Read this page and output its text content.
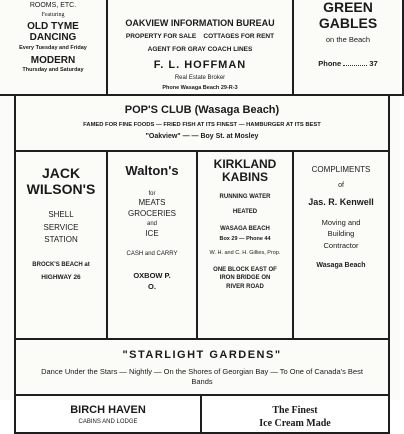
ROOMS, ETC.
Featuring
OLD TYME DANCING
Every Tuesday and Friday
MODERN
Thursday and Saturday
OAKVIEW INFORMATION BUREAU
PROPERTY FOR SALE    COTTAGES FOR RENT
AGENT FOR GRAY COACH LINES
F. L. HOFFMAN
Real Estate Broker
Phone Wasaga Beach 29-R-3
GREEN GABLES
on the Beach
Phone	37
POP'S CLUB (Wasaga Beach)
FAMED FOR FINE FOODS — FRIED FISH AT ITS FINEST — HAMBURGER AT ITS BEST
"Oakview" — — Boy St. at Mosley
JACK WILSON'S
SHELL SERVICE STATION
BROCK'S BEACH at
HIGHWAY 26
Walton's
for
MEATS
GROCERIES
and
ICE
CASH and CARRY
OXBOW P. O.
KIRKLAND KABINS
RUNNING WATER
HEATED
WASAGA BEACH
Box 29 — Phone 44
W. H. and C. H. Gillies, Prop.
ONE BLOCK EAST OF IRON BRIDGE ON RIVER ROAD
COMPLIMENTS
of
Jas. R. Kenwell
Moving and Building Contractor
Wasaga Beach
"STARLIGHT GARDENS"
Dance Under the Stars — Nightly — On the Shores of Georgian Bay — To One of Canada's Best Bands
BIRCH HAVEN
CABINS AND LODGE
The Finest
Ice Cream Made
